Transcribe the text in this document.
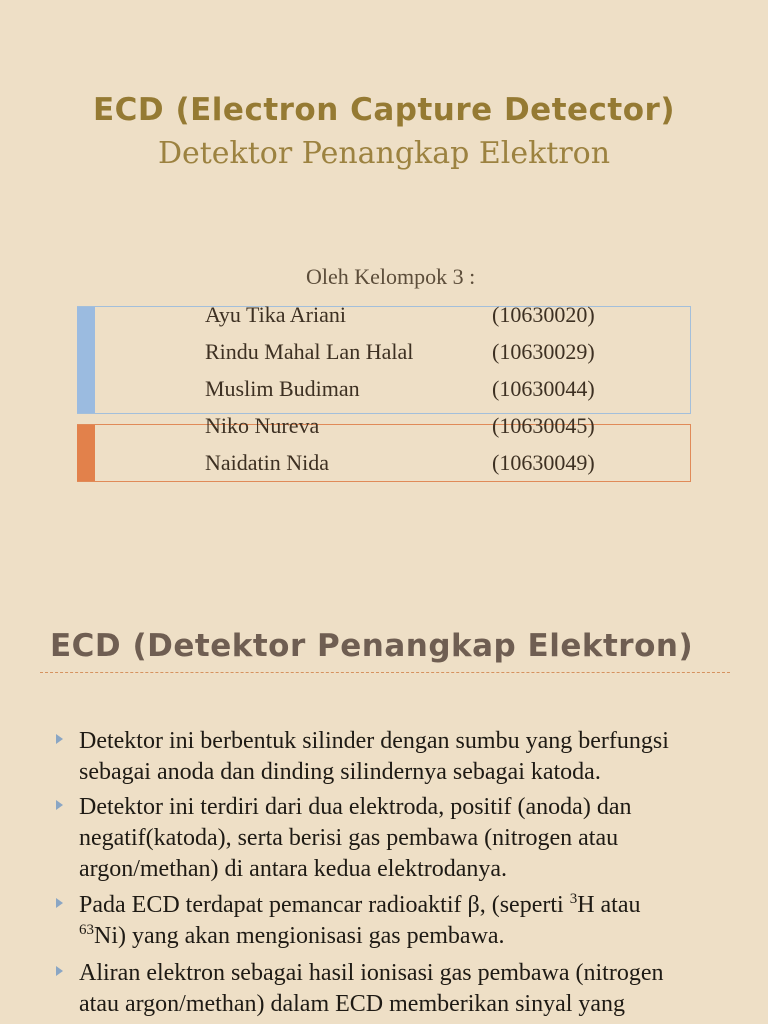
ECD (Electron Capture Detector)
Detektor Penangkap Elektron
Oleh Kelompok 3 :
Ayu Tika Ariani	(10630020)
Rindu Mahal Lan Halal	(10630029)
Muslim Budiman	(10630044)
Niko Nureva	(10630045)
Naidatin Nida	(10630049)
ECD (Detektor Penangkap Elektron)
Detektor ini berbentuk silinder dengan sumbu yang berfungsi
sebagai anoda dan dinding silindernya sebagai katoda.
Detektor ini terdiri dari dua elektroda, positif (anoda) dan
negatif(katoda), serta berisi gas pembawa (nitrogen atau
argon/methan) di antara kedua elektrodanya.
Pada ECD terdapat pemancar radioaktif β, (seperti $^3$H atau
$^{63}$Ni) yang akan mengionisasi gas pembawa.
Aliran elektron sebagai hasil ionisasi gas pembawa (nitrogen
atau argon/methan) dalam ECD memberikan sinyal yang
